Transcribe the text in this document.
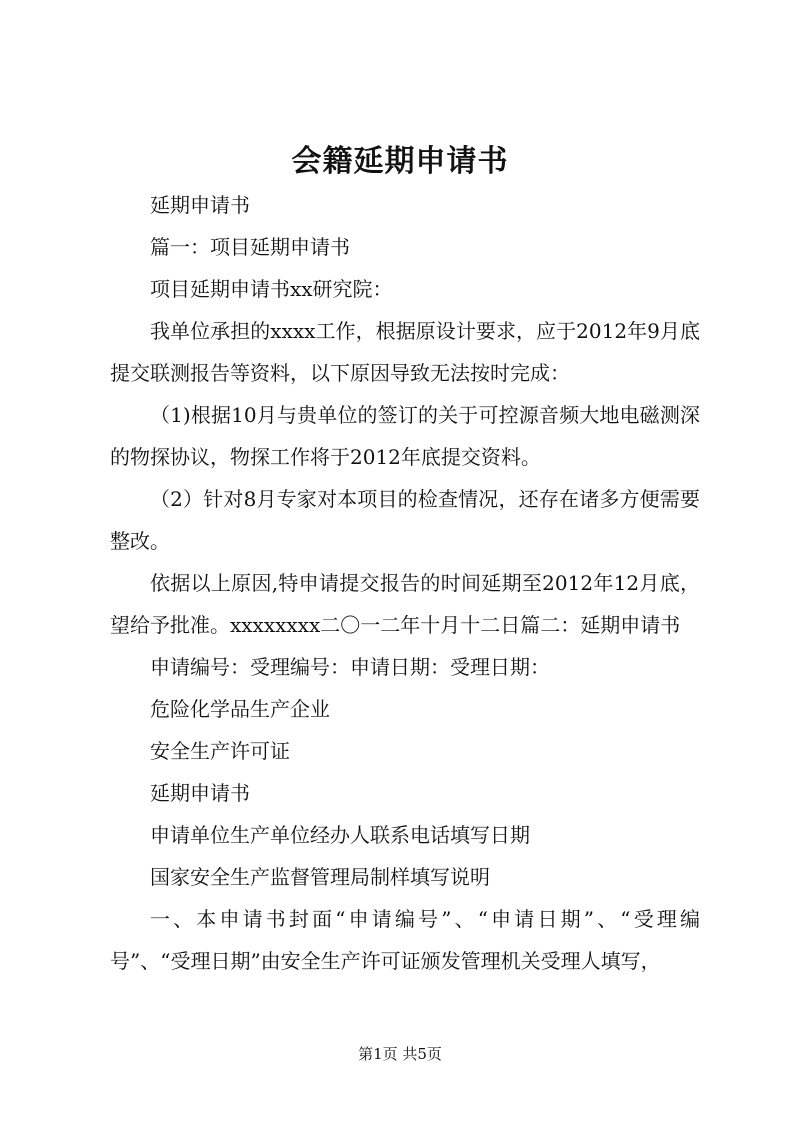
会籍延期申请书

延期申请书

篇一：项目延期申请书

项目延期申请书xx研究院：

我单位承担的xxxx工作，根据原设计要求，应于2012年9月底提交联测报告等资料，以下原因导致无法按时完成：

（1)根据10月与贵单位的签订的关于可控源音频大地电磁测深的物探协议，物探工作将于2012年底提交资料。

（2）针对8月专家对本项目的检查情况，还存在诸多方便需要整改。

依据以上原因,特申请提交报告的时间延期至2012年12月底，望给予批准。xxxxxxxx二〇一二年十月十二日篇二：延期申请书

申请编号：受理编号：申请日期：受理日期：

危险化学品生产企业

安全生产许可证

延期申请书

申请单位生产单位经办人联系电话填写日期

国家安全生产监督管理局制样填写说明

一、本申请书封面“申请编号”、“申请日期”、“受理编号”、“受理日期”由安全生产许可证颁发管理机关受理人填写，

第1页 共5页
